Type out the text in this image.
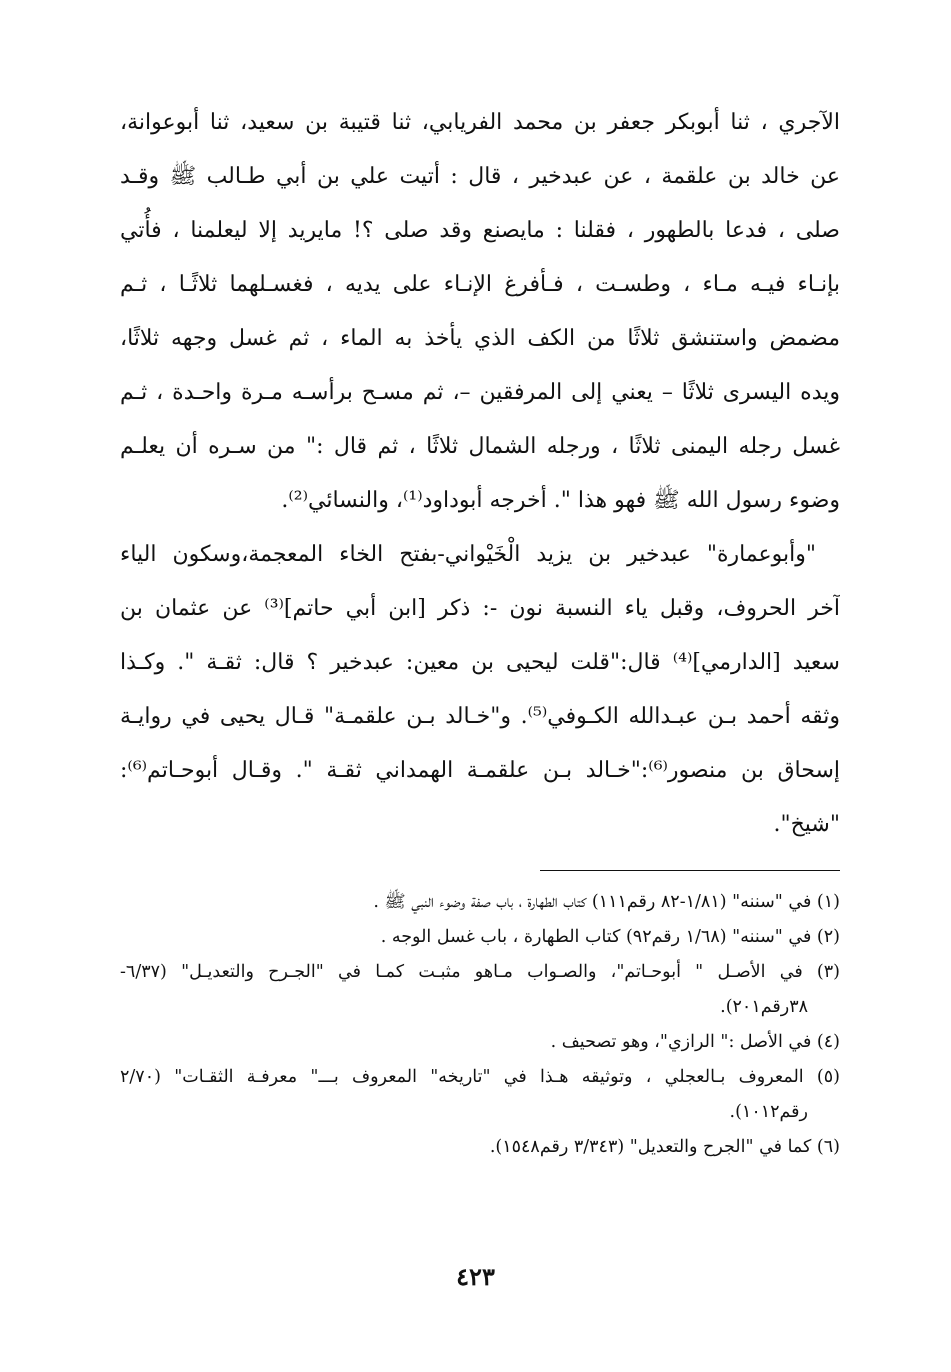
الآجري ، ثنا أبوبكر جعفر بن محمد الفريابي، ثنا قتيبة بن سعيد، ثنا أبوعوانة،
عن خالد بن علقمة ، عن عبدخير ، قال : أتيت علي بن أبي طـالب ﷺ وقـد
صلى ، فدعا بالطهور ، فقلنا : مايصنع وقد صلى ؟! مايريد إلا ليعلمنا ، فأُتي
بإنـاء فيـه مـاء ، وطسـت ، فـأفرغ الإنـاء على يديه ، فغسـلهما ثلاثًـا ، ثـم
مضمض واستنشق ثلاثًا من الكف الذي يأخذ به الماء ، ثم غسل وجهه ثلاثًا،
ويده اليسرى ثلاثًا – يعني إلى المرفقين –، ثم مسـح برأسـه مـرة واحـدة ، ثـم
غسل رجله اليمنى ثلاثًا ، ورجله الشمال ثلاثًا ، ثم قال :" من سـره أن يعلـم
وضوء رسول الله ﷺ فهو هذا ". أخرجه أبوداود⁽¹⁾، والنسائي⁽²⁾.
"وأبوعمارة" عبدخير بن يزيد الْخَيْواني-بفتح الخاء المعجمة،وسكون الياء
آخر الحروف، وقبل ياء النسبة نون -: ذكر [ابن أبي حاتم]⁽³⁾ عن عثمان بن
سعيد [الدارمي]⁽⁴⁾ قال:"قلت ليحيى بن معين: عبدخير ؟ قال: ثقـة ". وكـذا
وثقه أحمد بـن عبـدالله الكـوفي⁽⁵⁾. و"خـالد بـن علقمـة" قـال يحيى في روايـة
إسحاق بن منصور⁽⁶⁾:"خـالد بـن علقمـة الهمداني ثقـة ". وقـال أبوحـاتم⁽⁶⁾:
"شيخ".
(١) في "سننه" (١/٨١-٨٢ رقم١١١) كتاب الطهارة ، باب صفة وضوء النبي ﷺ .
(٢) في "سننه" (١/٦٨ رقم٩٢) كتاب الطهارة ، باب غسل الوجه .
(٣) في الأصـل " أبوحـاتم"، والصـواب مـاهو مثبـت كمـا في "الجـرح والتعديـل" (٦/٣٧-
٣٨رقم٢٠١).
(٤) في الأصل :" الرازي"، وهو تصحيف .
(٥) المعروف بـالعجلي ، وتوثيقه هـذا في "تاريخه" المعروف بـــ" معرفـة الثقـات" (٢/٧٠
رقم١٠١٢).
(٦) كما في "الجرح والتعديل" (٣/٣٤٣ رقم١٥٤٨).
٤٢٣
